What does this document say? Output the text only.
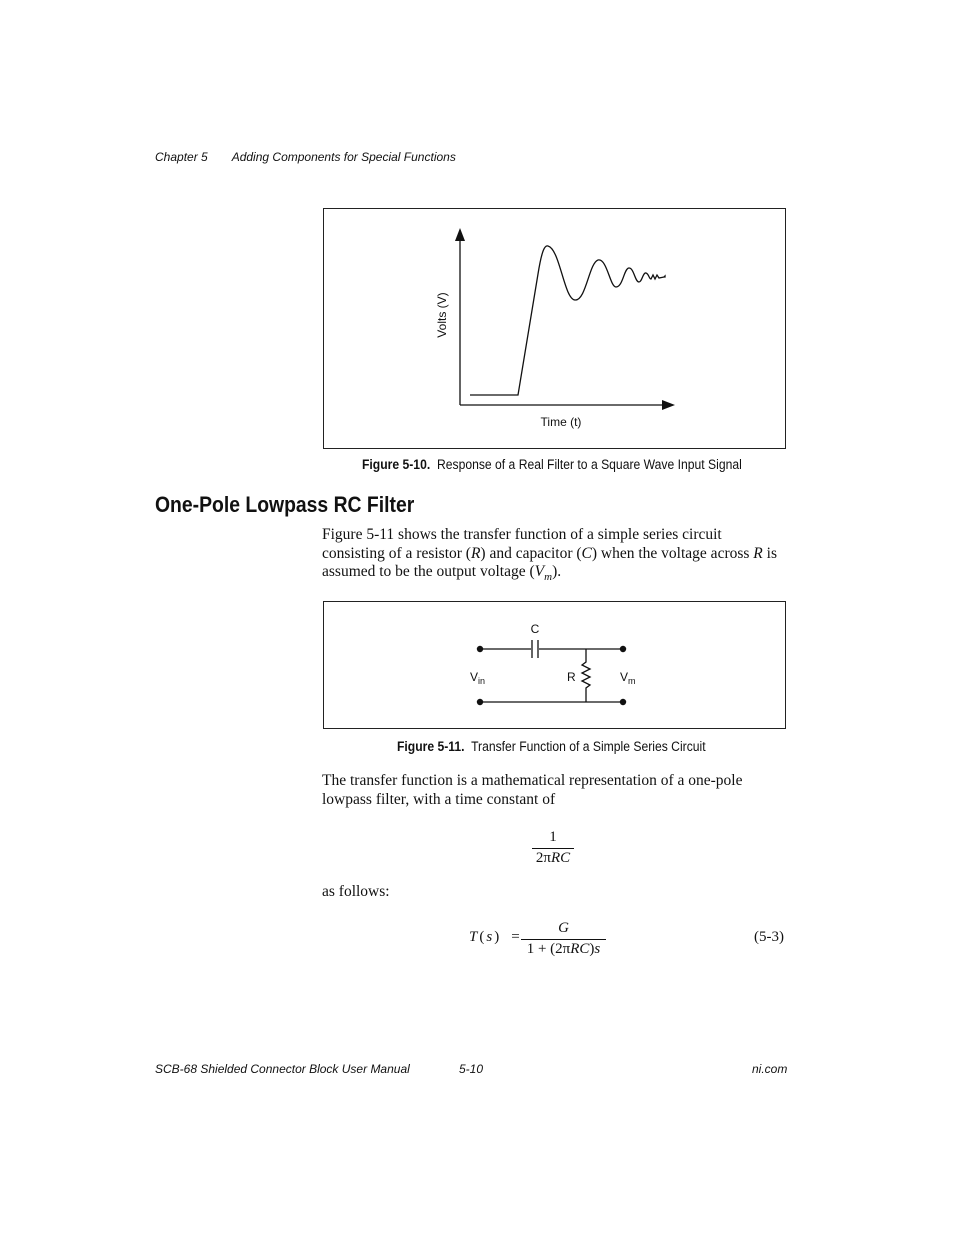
Chapter 5 Adding Components for Special Functions
Volts (V)
Time (t)
Figure 5-10. Response of a Real Filter to a Square Wave Input Signal
One-Pole Lowpass RC Filter
Figure 5-11 shows the transfer function of a simple series circuit consisting of a resistor (R) and capacitor (C) when the voltage across R is assumed to be the output voltage $(V_m)$.
C
R
$V_{in}$	$V_m$
Figure 5-11. Transfer Function of a Simple Series Circuit
The transfer function is a mathematical representation of a one-pole lowpass filter, with a time constant of
1
2πRC
as follows:
T ( s ) =
G
1 + (2πRC)s
(5-3)
SCB-68 Shielded Connector Block User Manual	5-10	ni.com
